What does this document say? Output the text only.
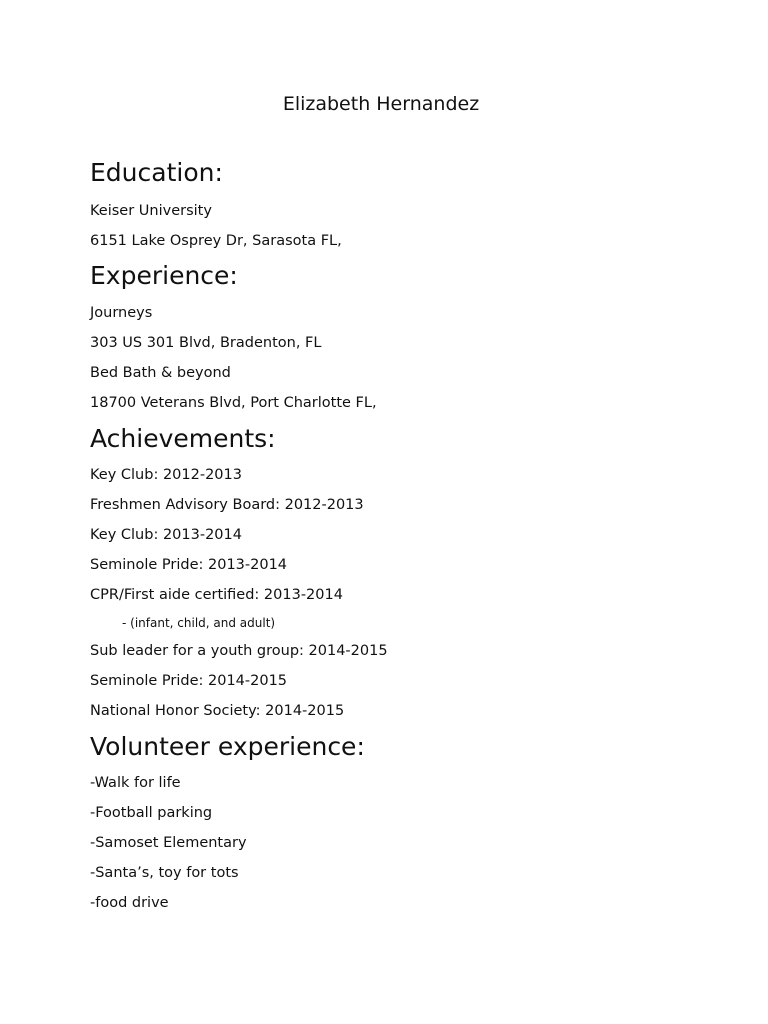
Elizabeth Hernandez
Education:
Keiser University
6151 Lake Osprey Dr, Sarasota FL,
Experience:
Journeys
303 US 301 Blvd, Bradenton, FL
Bed Bath & beyond
18700 Veterans Blvd, Port Charlotte FL,
Achievements:
Key Club: 2012-2013
Freshmen Advisory Board: 2012-2013
Key Club: 2013-2014
Seminole Pride: 2013-2014
CPR/First aide certified: 2013-2014
- (infant, child, and adult)
Sub leader for a youth group: 2014-2015
Seminole Pride: 2014-2015
National Honor Society: 2014-2015
Volunteer experience:
-Walk for life
-Football parking
-Samoset Elementary
-Santa’s, toy for tots
-food drive
